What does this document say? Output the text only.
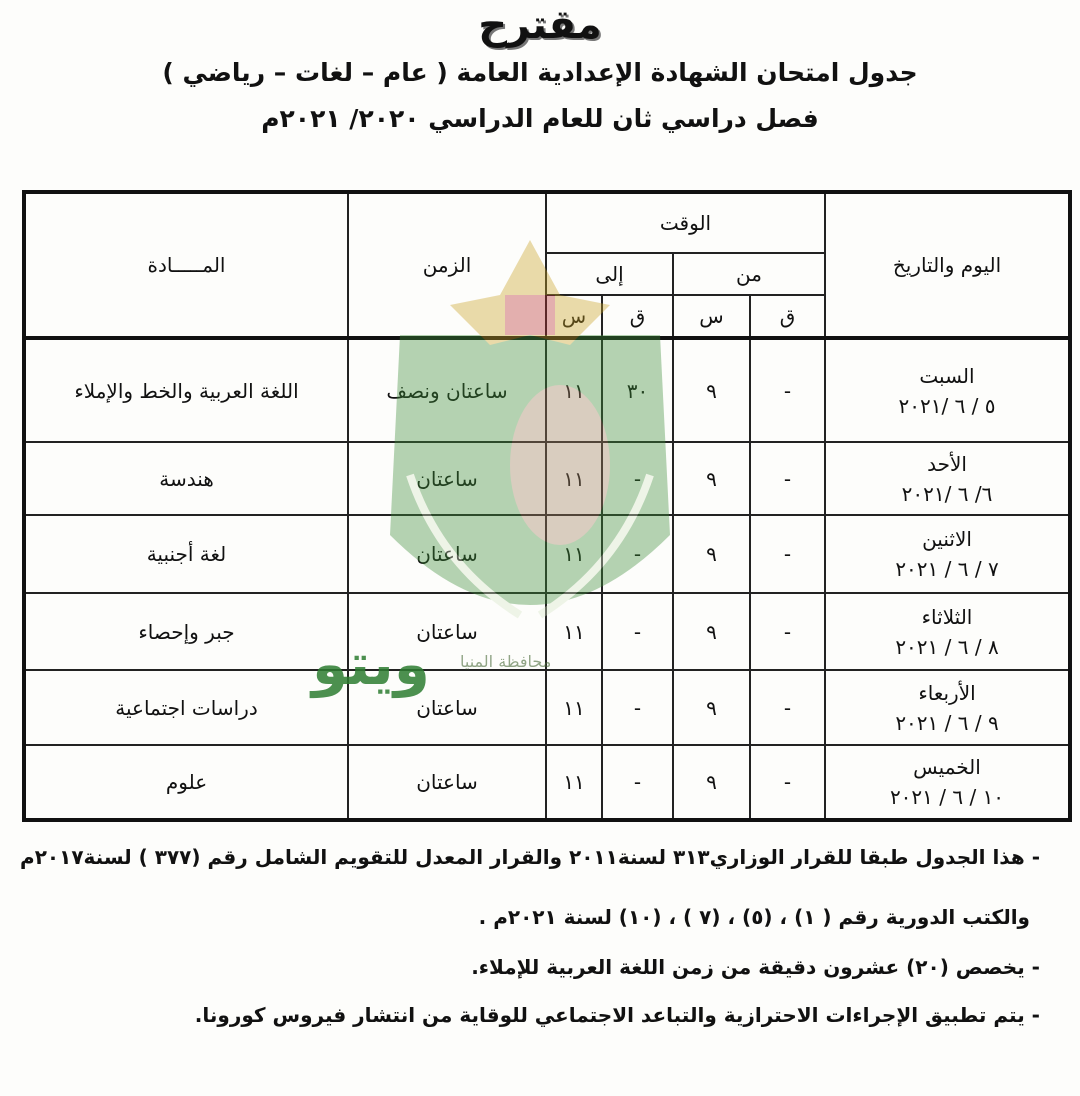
مقترح
جدول امتحان الشهادة الإعدادية العامة ( عام – لغات – رياضي )
فصل دراسي ثان للعام الدراسي ٢٠٢٠/ ٢٠٢١م
اليوم والتاريخ	الوقت				الزمن	المـــــادة
	من		إلى			
	ق	س	ق	س		

السبت
٥ / ٦ /٢٠٢١	-	٩	٣٠	١١	ساعتان ونصف	اللغة العربية والخط والإملاء

الأحد
٦/ ٦ /٢٠٢١	-	٩	-	١١	ساعتان	هندسة

الاثنين
٧ / ٦ / ٢٠٢١	-	٩	-	١١	ساعتان	لغة أجنبية

الثلاثاء
٨ / ٦ / ٢٠٢١	-	٩	-	١١	ساعتان	جبر وإحصاء

الأربعاء
٩ / ٦ / ٢٠٢١	-	٩	-	١١	ساعتان	دراسات اجتماعية

الخميس
١٠ / ٦ / ٢٠٢١	-	٩	-	١١	ساعتان	علوم
ويتو محافظة المنيا
- هذا الجدول طبقا للقرار الوزاري٣١٣ لسنة٢٠١١ والقرار المعدل للتقويم الشامل رقم (٣٧٧ ) لسنة٢٠١٧م
والكتب الدورية رقم ( ١) ، (٥) ، (٧ ) ، (١٠) لسنة ٢٠٢١م .
- يخصص (٢٠) عشرون دقيقة من زمن اللغة العربية للإملاء.
- يتم تطبيق الإجراءات الاحترازية والتباعد الاجتماعي للوقاية من انتشار فيروس كورونا.
